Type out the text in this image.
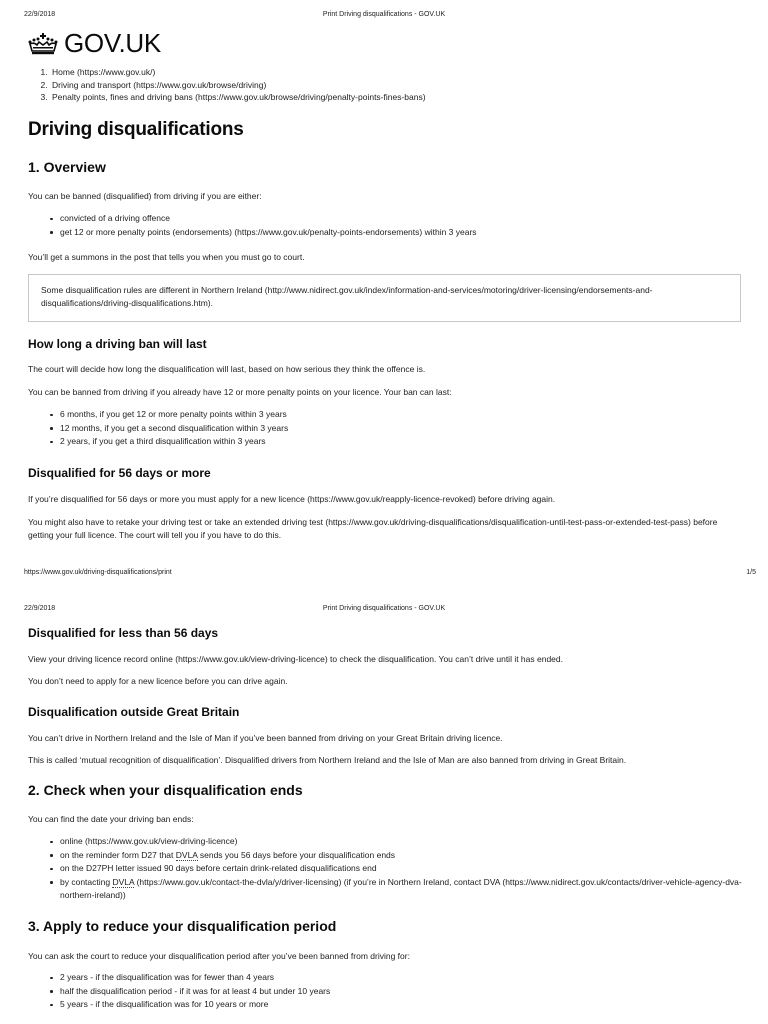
22/9/2018	Print Driving disqualifications - GOV.UK
GOV.UK
1. Home (https://www.gov.uk/)
2. Driving and transport (https://www.gov.uk/browse/driving)
3. Penalty points, fines and driving bans (https://www.gov.uk/browse/driving/penalty-points-fines-bans)
Driving disqualifications
1. Overview

You can be banned (disqualified) from driving if you are either:

convicted of a driving offence
get 12 or more penalty points (endorsements) (https://www.gov.uk/penalty-points-endorsements) within 3 years

You’ll get a summons in the post that tells you when you must go to court.

Some disqualification rules are different in Northern Ireland (http://www.nidirect.gov.uk/index/information-and-services/motoring/driver-licensing/endorsements-and-disqualifications/driving-disqualifications.htm).
How long a driving ban will last

The court will decide how long the disqualification will last, based on how serious they think the offence is.

You can be banned from driving if you already have 12 or more penalty points on your licence. Your ban can last:

6 months, if you get 12 or more penalty points within 3 years
12 months, if you get a second disqualification within 3 years
2 years, if you get a third disqualification within 3 years
Disqualified for 56 days or more

If you’re disqualified for 56 days or more you must apply for a new licence (https://www.gov.uk/reapply-licence-revoked) before driving again.

You might also have to retake your driving test or take an extended driving test (https://www.gov.uk/driving-disqualifications/disqualification-until-test-pass-or-extended-test-pass) before getting your full licence. The court will tell you if you have to do this.

https://www.gov.uk/driving-disqualifications/print	1/5
22/9/2018	Print Driving disqualifications - GOV.UK
Disqualified for less than 56 days

View your driving licence record online (https://www.gov.uk/view-driving-licence) to check the disqualification. You can’t drive until it has ended.

You don’t need to apply for a new licence before you can drive again.

Disqualification outside Great Britain

You can’t drive in Northern Ireland and the Isle of Man if you’ve been banned from driving on your Great Britain driving licence.

This is called ‘mutual recognition of disqualification’. Disqualified drivers from Northern Ireland and the Isle of Man are also banned from driving in Great Britain.

2. Check when your disqualification ends

You can find the date your driving ban ends:

online (https://www.gov.uk/view-driving-licence)
on the reminder form D27 that DVLA sends you 56 days before your disqualification ends
on the D27PH letter issued 90 days before certain drink-related disqualifications end
by contacting DVLA (https://www.gov.uk/contact-the-dvla/y/driver-licensing) (if you’re in Northern Ireland, contact DVA (https://www.nidirect.gov.uk/contacts/driver-vehicle-agency-dva-northern-ireland))
3. Apply to reduce your disqualification period

You can ask the court to reduce your disqualification period after you’ve been banned from driving for:

2 years - if the disqualification was for fewer than 4 years
half the disqualification period - if it was for at least 4 but under 10 years
5 years - if the disqualification was for 10 years or more
